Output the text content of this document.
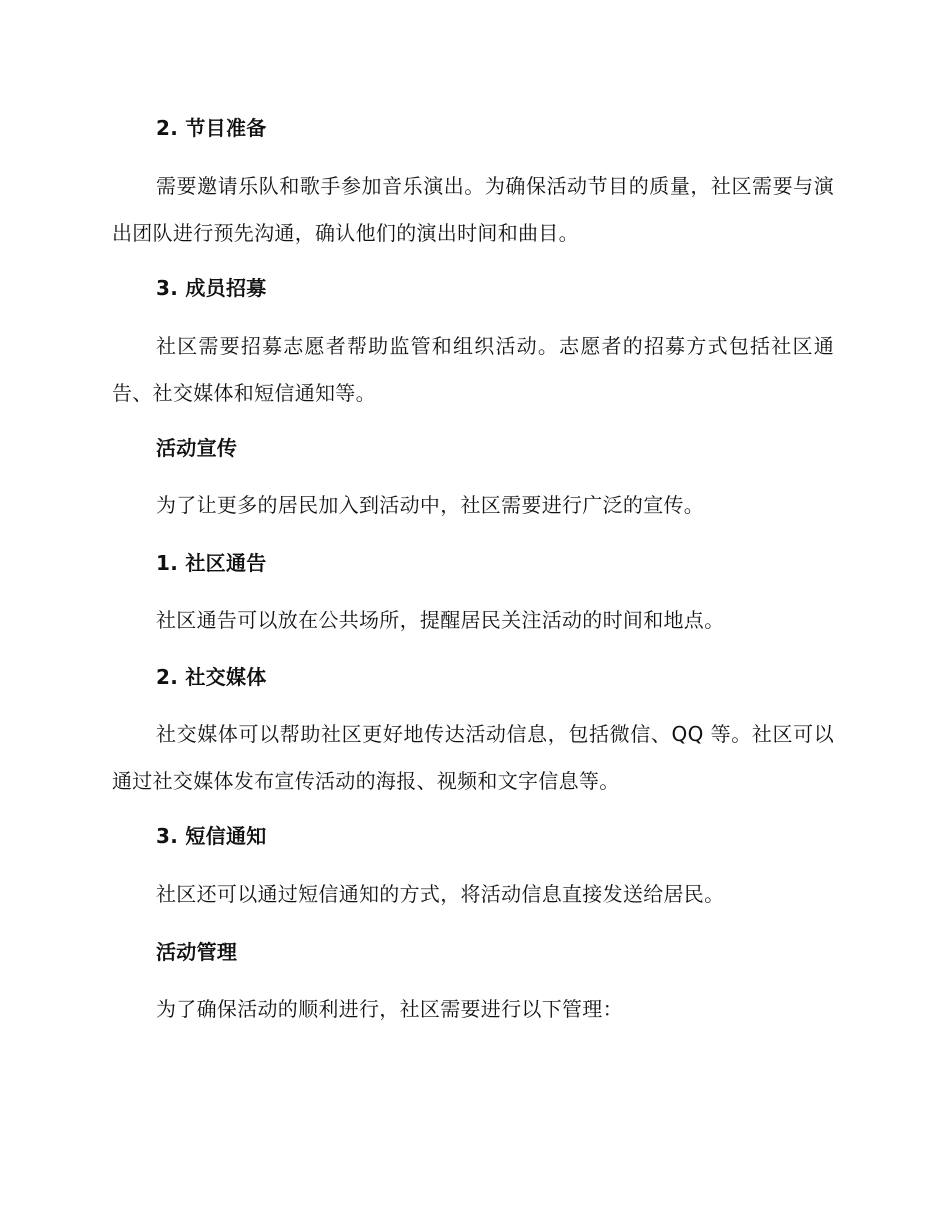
2. 节目准备
需要邀请乐队和歌手参加音乐演出。为确保活动节目的质量，社区需要与演出团队进行预先沟通，确认他们的演出时间和曲目。
3. 成员招募
社区需要招募志愿者帮助监管和组织活动。志愿者的招募方式包括社区通告、社交媒体和短信通知等。
活动宣传
为了让更多的居民加入到活动中，社区需要进行广泛的宣传。
1. 社区通告
社区通告可以放在公共场所，提醒居民关注活动的时间和地点。
2. 社交媒体
社交媒体可以帮助社区更好地传达活动信息，包括微信、QQ 等。社区可以通过社交媒体发布宣传活动的海报、视频和文字信息等。
3. 短信通知
社区还可以通过短信通知的方式，将活动信息直接发送给居民。
活动管理
为了确保活动的顺利进行，社区需要进行以下管理：
